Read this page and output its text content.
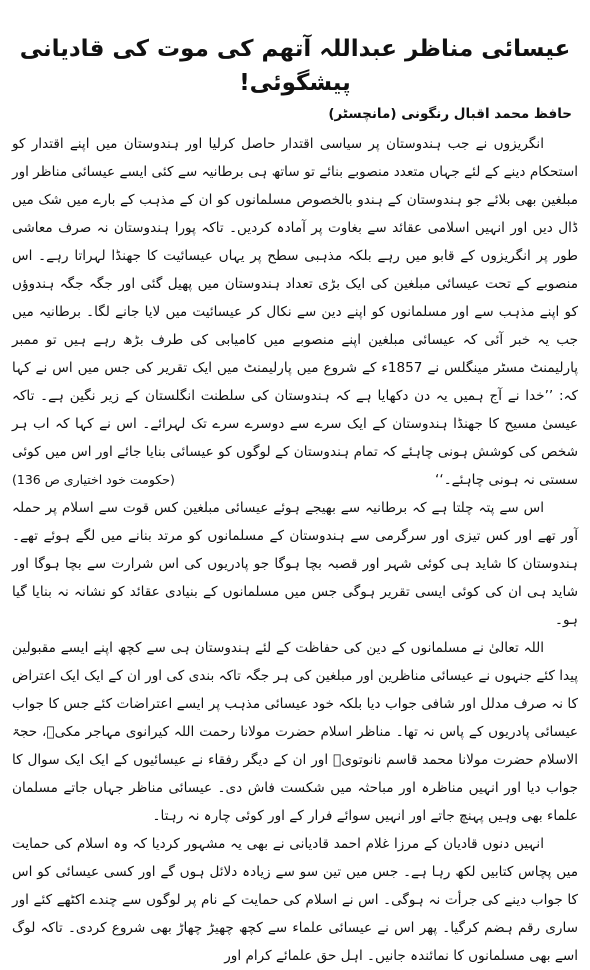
عیسائی مناظر عبداللہ آتھم کی موت کی قادیانی پیشگوئی!
حافظ محمد اقبال رنگونی (مانچسٹر)

انگریزوں نے جب ہندوستان پر سیاسی اقتدار حاصل کرلیا اور ہندوستان میں اپنے اقتدار کو استحکام دینے کے لئے جہاں متعدد منصوبے بنائے تو ساتھ ہی برطانیہ سے کئی ایسے عیسائی مناظر اور مبلغین بھی بلائے جو ہندوستان کے ہندو بالخصوص مسلمانوں کو ان کے مذہب کے بارے میں شک میں ڈال دیں اور انہیں اسلامی عقائد سے بغاوت پر آمادہ کردیں۔ تاکہ پورا ہندوستان نہ صرف معاشی طور پر انگریزوں کے قابو میں رہے بلکہ مذہبی سطح پر یہاں عیسائیت کا جھنڈا لہراتا رہے۔ اس منصوبے کے تحت عیسائی مبلغین کی ایک بڑی تعداد ہندوستان میں پھیل گئی اور جگہ جگہ ہندوؤں کو اپنے مذہب سے اور مسلمانوں کو اپنے دین سے نکال کر عیسائیت میں لایا جانے لگا۔ برطانیہ میں جب یہ خبر آئی کہ عیسائی مبلغین اپنے منصوبے میں کامیابی کی طرف بڑھ رہے ہیں تو ممبر پارلیمنٹ مسٹر مینگلس نے 1857ء کے شروع میں پارلیمنٹ میں ایک تقریر کی جس میں اس نے کہا کہ: ’’خدا نے آج ہمیں یہ دن دکھایا ہے کہ ہندوستان کی سلطنت انگلستان کے زیر نگین ہے۔ تاکہ عیسیٰ مسیح کا جھنڈا ہندوستان کے ایک سرے سے دوسرے سرے تک لہرائے۔ اس نے کہا کہ اب ہر شخص کی کوشش ہونی چاہئے کہ تمام ہندوستان کے لوگوں کو عیسائی بنایا جائے اور اس میں کوئی سستی نہ ہونی چاہئے۔‘‘

(حکومت خود اختیاری ص 136)

اس سے پتہ چلتا ہے کہ برطانیہ سے بھیجے ہوئے عیسائی مبلغین کس قوت سے اسلام پر حملہ آور تھے اور کس تیزی اور سرگرمی سے ہندوستان کے مسلمانوں کو مرتد بنانے میں لگے ہوئے تھے۔ ہندوستان کا شاید ہی کوئی شہر اور قصبہ بچا ہوگا جو پادریوں کی اس شرارت سے بچا ہوگا اور شاید ہی ان کی کوئی ایسی تقریر ہوگی جس میں مسلمانوں کے بنیادی عقائد کو نشانہ نہ بنایا گیا ہو۔

اللہ تعالیٰ نے مسلمانوں کے دین کی حفاظت کے لئے ہندوستان ہی سے کچھ اپنے ایسے مقبولین پیدا کئے جنہوں نے عیسائی مناظرین اور مبلغین کی ہر جگہ تاکہ بندی کی اور ان کے ایک ایک اعتراض کا نہ صرف مدلل اور شافی جواب دیا بلکہ خود عیسائی مذہب پر ایسے اعتراضات کئے جس کا جواب عیسائی پادریوں کے پاس نہ تھا۔ مناظر اسلام حضرت مولانا رحمت اللہ کیرانوی مہاجر مکیؒ، حجۃ الاسلام حضرت مولانا محمد قاسم نانوتویؒ اور ان کے دیگر رفقاء نے عیسائیوں کے ایک ایک سوال کا جواب دیا اور انہیں مناظرہ اور مباحثہ میں شکست فاش دی۔ عیسائی مناظر جہاں جاتے مسلمان علماء بھی وہیں پہنچ جاتے اور انہیں سوائے فرار کے اور کوئی چارہ نہ رہتا۔

انہیں دنوں قادیان کے مرزا غلام احمد قادیانی نے بھی یہ مشہور کردیا کہ وہ اسلام کی حمایت میں پچاس کتابیں لکھ رہا ہے۔ جس میں تین سو سے زیادہ دلائل ہوں گے اور کسی عیسائی کو اس کا جواب دینے کی جرأت نہ ہوگی۔ اس نے اسلام کی حمایت کے نام پر لوگوں سے چندے اکٹھے کئے اور ساری رقم ہضم کرگیا۔ پھر اس نے عیسائی علماء سے کچھ چھیڑ چھاڑ بھی شروع کردی۔ تاکہ لوگ اسے بھی مسلمانوں کا نمائندہ جانیں۔ اہل حق علمائے کرام اور
